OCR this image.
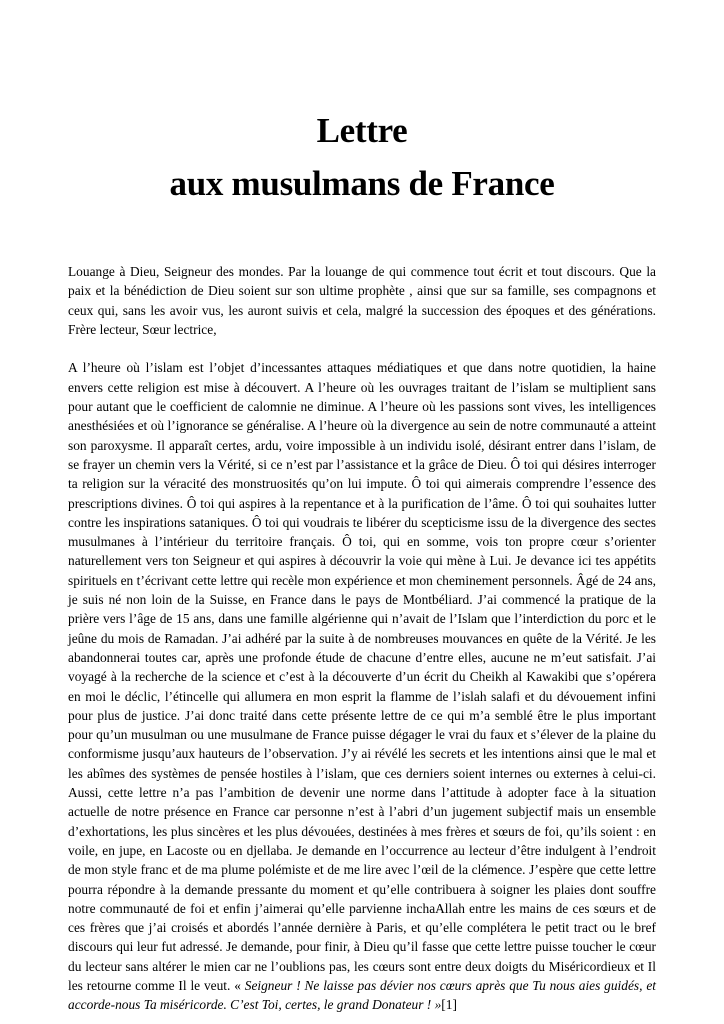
Lettre
aux musulmans de France

Louange à Dieu, Seigneur des mondes. Par la louange de qui commence tout écrit et tout discours. Que la paix et la bénédiction de Dieu soient sur son ultime prophète , ainsi que sur sa famille, ses compagnons et ceux qui, sans les avoir vus, les auront suivis et cela, malgré la succession des époques et des générations. Frère lecteur, Sœur lectrice,

A l’heure où l’islam est l’objet d’incessantes attaques médiatiques et que dans notre quotidien, la haine envers cette religion est mise à découvert. A l’heure où les ouvrages traitant de l’islam se multiplient sans pour autant que le coefficient de calomnie ne diminue. A l’heure où les passions sont vives, les intelligences anesthésiées et où l’ignorance se généralise. A l’heure où la divergence au sein de notre communauté a atteint son paroxysme. Il apparaît certes, ardu, voire impossible à un individu isolé, désirant entrer dans l’islam, de se frayer un chemin vers la Vérité, si ce n’est par l’assistance et la grâce de Dieu. Ô toi qui désires interroger ta religion sur la véracité des monstruosités qu’on lui impute. Ô toi qui aimerais comprendre l’essence des prescriptions divines. Ô toi qui aspires à la repentance et à la purification de l’âme. Ô toi qui souhaites lutter contre les inspirations sataniques. Ô toi qui voudrais te libérer du scepticisme issu de la divergence des sectes musulmanes à l’intérieur du territoire français. Ô toi, qui en somme, vois ton propre cœur s’orienter naturellement vers ton Seigneur et qui aspires à découvrir la voie qui mène à Lui. Je devance ici tes appétits spirituels en t’écrivant cette lettre qui recèle mon expérience et mon cheminement personnels. Âgé de 24 ans, je suis né non loin de la Suisse, en France dans le pays de Montbéliard. J’ai commencé la pratique de la prière vers l’âge de 15 ans, dans une famille algérienne qui n’avait de l’Islam que l’interdiction du porc et le jeûne du mois de Ramadan. J’ai adhéré par la suite à de nombreuses mouvances en quête de la Vérité. Je les abandonnerai toutes car, après une profonde étude de chacune d’entre elles, aucune ne m’eut satisfait. J’ai voyagé à la recherche de la science et c’est à la découverte d’un écrit du Cheikh al Kawakibi que s’opérera en moi le déclic, l’étincelle qui allumera en mon esprit la flamme de l’islah salafi et du dévouement infini pour plus de justice. J’ai donc traité dans cette présente lettre de ce qui m’a semblé être le plus important pour qu’un musulman ou une musulmane de France puisse dégager le vrai du faux et s’élever de la plaine du conformisme jusqu’aux hauteurs de l’observation. J’y ai révélé les secrets et les intentions ainsi que le mal et les abîmes des systèmes de pensée hostiles à l’islam, que ces derniers soient internes ou externes à celui-ci. Aussi, cette lettre n’a pas l’ambition de devenir une norme dans l’attitude à adopter face à la situation actuelle de notre présence en France car personne n’est à l’abri d’un jugement subjectif mais un ensemble d’exhortations, les plus sincères et les plus dévouées, destinées à mes frères et sœurs de foi, qu’ils soient : en voile, en jupe, en Lacoste ou en djellaba. Je demande en l’occurrence au lecteur d’être indulgent à l’endroit de mon style franc et de ma plume polémiste et de me lire avec l’œil de la clémence. J’espère que cette lettre pourra répondre à la demande pressante du moment et qu’elle contribuera à soigner les plaies dont souffre notre communauté de foi et enfin j’aimerai qu’elle parvienne inchaAllah entre les mains de ces sœurs et de ces frères que j’ai croisés et abordés l’année dernière à Paris, et qu’elle complétera le petit tract ou le bref discours qui leur fut adressé. Je demande, pour finir, à Dieu qu’il fasse que cette lettre puisse toucher le cœur du lecteur sans altérer le mien car ne l’oublions pas, les cœurs sont entre deux doigts du Miséricordieux et Il les retourne comme Il le veut. « Seigneur ! Ne laisse pas dévier nos cœurs après que Tu nous aies guidés, et accorde-nous Ta miséricorde. C’est Toi, certes, le grand Donateur ! »[1]
